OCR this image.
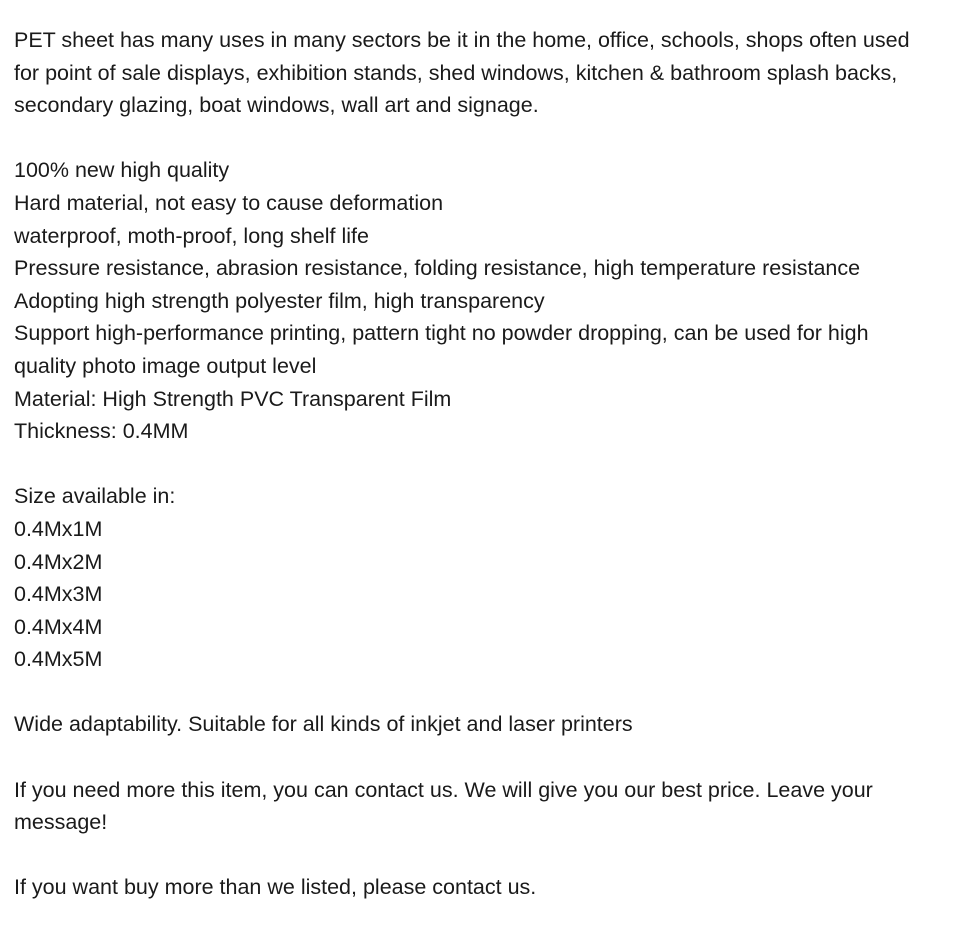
PET sheet has many uses in many sectors be it in the home, office, schools, shops often used for point of sale displays, exhibition stands, shed windows, kitchen & bathroom splash backs, secondary glazing, boat windows, wall art and signage.

100% new high quality

Hard material, not easy to cause deformation

waterproof, moth-proof, long shelf life

Pressure resistance, abrasion resistance, folding resistance, high temperature resistance

Adopting high strength polyester film, high transparency

Support high-performance printing, pattern tight no powder dropping, can be used for high quality photo image output level

Material: High Strength PVC Transparent Film

Thickness: 0.4MM

Size available in:

0.4Mx1M

0.4Mx2M

0.4Mx3M

0.4Mx4M

0.4Mx5M

Wide adaptability. Suitable for all kinds of inkjet and laser printers

If you need more this item, you can contact us. We will give you our best price. Leave your message!

If you want buy more than we listed, please contact us.
